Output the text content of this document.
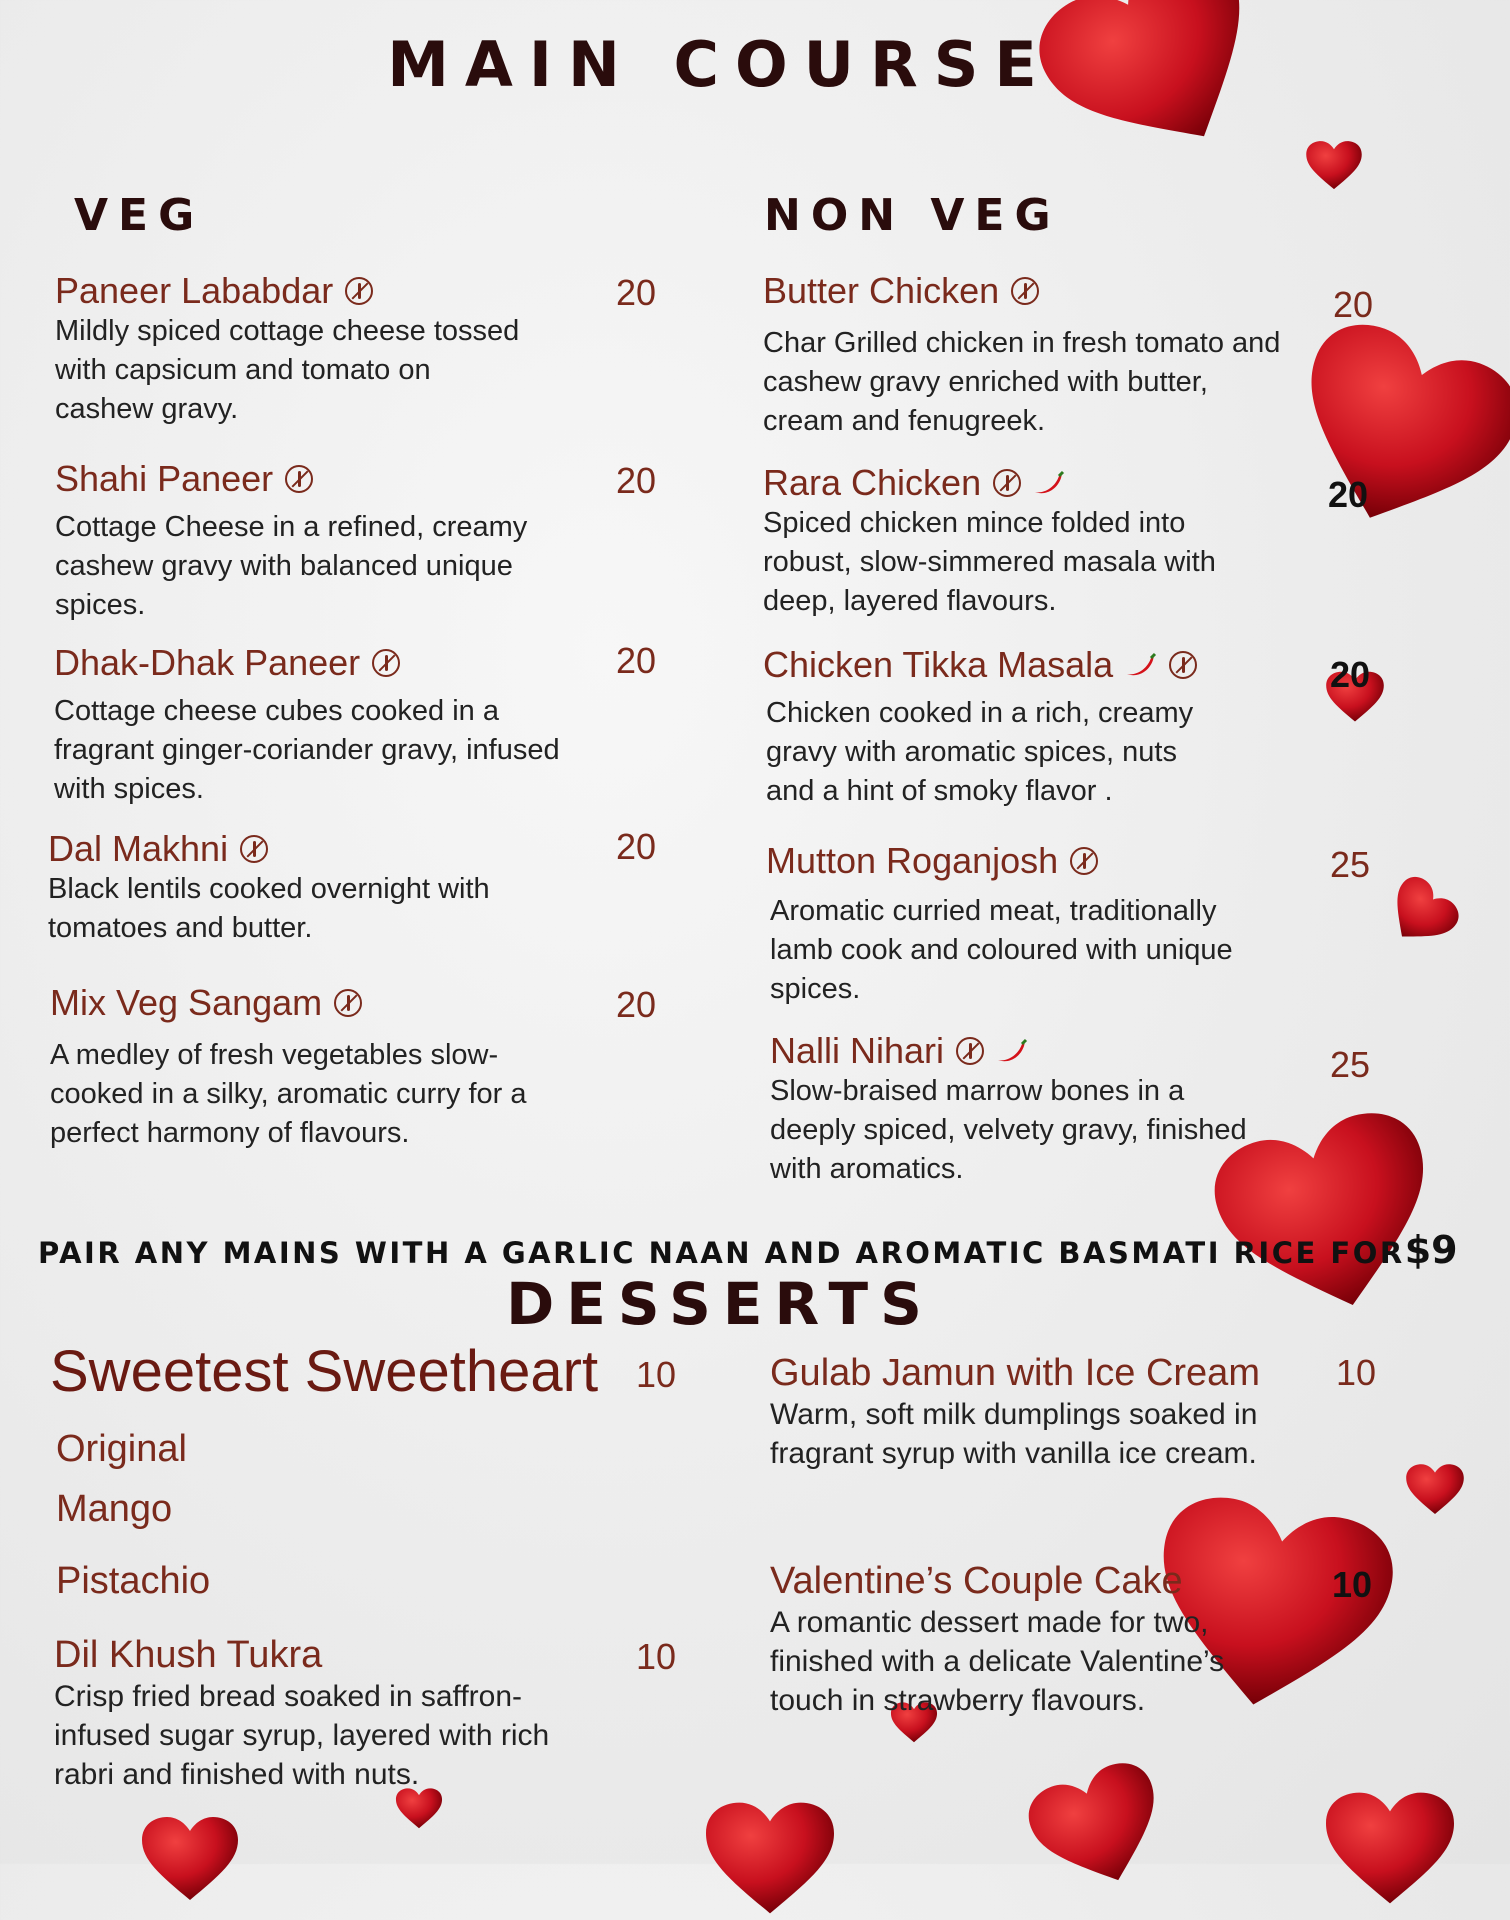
MAIN COURSE
VEG
Paneer Lababdar
Mildly spiced cottage cheese tossed with capsicum and tomato on cashew gravy.
20
Shahi Paneer
Cottage Cheese in a refined, creamy cashew gravy with balanced unique spices.
20
Dhak-Dhak Paneer
Cottage cheese cubes cooked in a fragrant ginger-coriander gravy, infused with spices.
20
Dal Makhni
Black lentils cooked overnight with tomatoes and butter.
20
Mix Veg Sangam
A medley of fresh vegetables slow-cooked in a silky, aromatic curry for a perfect harmony of flavours.
20
NON VEG
Butter Chicken
Char Grilled chicken in fresh tomato and cashew gravy enriched with butter, cream and fenugreek.
20
Rara Chicken
Spiced chicken mince folded into robust, slow-simmered masala with deep, layered flavours.
20
Chicken Tikka Masala
Chicken cooked in a rich, creamy gravy with aromatic spices, nuts and a hint of smoky flavor .
20
Mutton Roganjosh
Aromatic curried meat, traditionally lamb cook and coloured with unique spices.
25
Nalli Nihari
Slow-braised marrow bones in a deeply spiced, velvety gravy, finished with aromatics.
25
PAIR ANY MAINS WITH A GARLIC NAAN AND AROMATIC BASMATI RICE FOR$9
DESSERTS
Sweetest Sweetheart 10
Original
Mango
Pistachio
Dil Khush Tukra
Crisp fried bread soaked in saffron-infused sugar syrup, layered with rich rabri and finished with nuts.
10
Gulab Jamun with Ice Cream
Warm, soft milk dumplings soaked in fragrant syrup with vanilla ice cream.
10
Valentine’s Couple Cake
A romantic dessert made for two, finished with a delicate Valentine’s touch in strawberry flavours.
10
